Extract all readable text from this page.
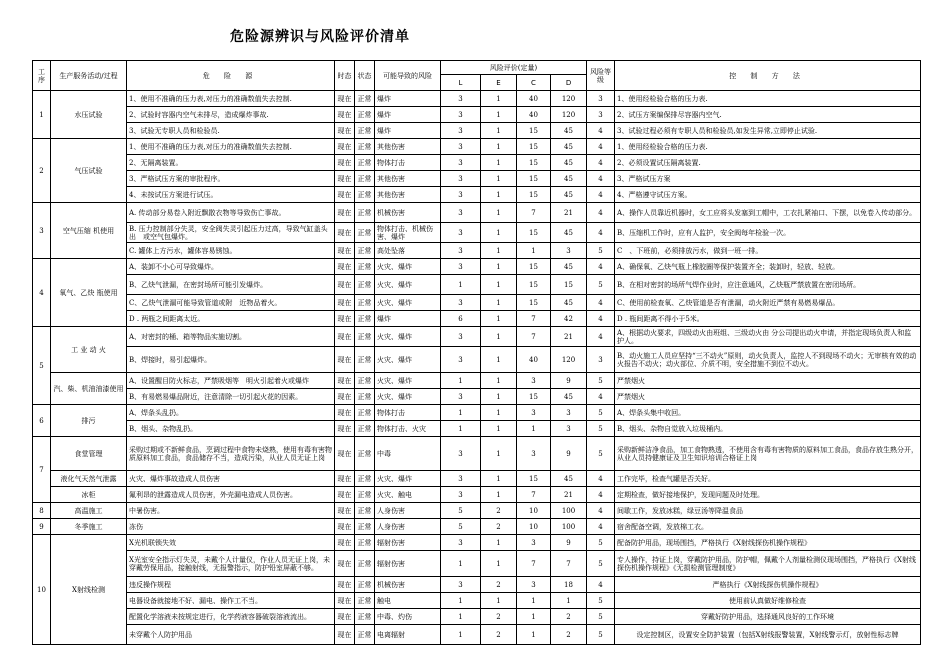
危险源辨识与风险评价清单
工序	生产服务活动/过程	危 险 源	时态	状态	可能导致的风险	风险评价(定量)				风险等级	控 制 方 法
						L	E	C	D		
1	水压试验	1、使用不准确的压力表,对压力的准确数值失去控制.	现在	正常	爆炸	3	1	40	120	3	1、使用经检验合格的压力表.
		2、试验时容器内空气未排尽，造成爆炸事故.	现在	正常	爆炸	3	1	40	120	3	2、试压方案编保排尽容器内空气.
		3、试验无专职人员和检验员.	现在	正常	爆炸	3	1	15	45	4	3、试验过程必须有专职人员和检验员,如发生异常,立即停止试验.
2	气压试验	1、使用不准确的压力表,对压力的准确数值失去控制.	现在	正常	其他伤害	3	1	15	45	4	1、使用经检验合格的压力表.
		2、无隔离装置。	现在	正常	物体打击	3	1	15	45	4	2、必须设置试压隔离装置.
		3、严格试压方案的审批程序。	现在	正常	其他伤害	3	1	15	45	4	3、严格试压方案
		4、未按试压方案进行试压。	现在	正常	其他伤害	3	1	15	45	4	4、严格遵守试压方案。
3	空气压缩 机使用	A. 传动部分易卷入附近飘散衣物等导致伤亡事故。	现在	正常	机械伤害	3	1	7	21	4	A、操作人员靠近机器时，女工应将头发塞到工帽中，工衣扎紧袖口、下摆，以免卷入传动部分。
		B. 压力控制部分失灵，安全阀失灵引起压力过高，导致气缸盖头出　或空气包爆炸。	现在	正常	物体打击、机械伤害、爆炸	3	1	15	45	4	B、压缩机工作时，应有人监护，安全阀每年检验一次。
		C. 罐体上方污水，罐体容易锈蚀。	现在	正常	高处坠落	3	1	1	3	5	C　、下班前，必须排放污水，做到一班一排。
4	氧气、乙炔 瓶使用	A、装卸不小心可导致爆炸。	现在	正常	火灾、爆炸	3	1	15	45	4	A、确保氧、乙炔气瓶上橡胶圈等保护装置齐全；装卸时，轻放、轻放。
		B、乙炔气泄漏，在密封场所可能引发爆炸。	现在	正常	火灾、爆炸	1	1	15	15	5	B、在相对密封的场所气焊作业时，应注意通风，乙炔瓶严禁放置在密闭场所。
		C、乙炔气泄漏可能导致管道或附　近物品着火。	现在	正常	火灾、爆炸	3	1	15	45	4	C、使用前检查氧、乙炔管道是否有泄漏，动火附近严禁有易燃易爆品。
		D . 两瓶之间距离太近。	现在	正常	爆炸	6	1	7	42	4	D . 瓶间距离不得小于5米。
5	工 业 动 火	A、对密封的桶、箱等物品实施切割。	现在	正常	火灾、爆炸	3	1	7	21	4	A、根据动火要求，四级动火由班组、三级动火由 分公司提出动火申请，并指定现场负责人和监护人。
		B、焊接时，易引起爆炸。	现在	正常	火灾、爆炸	3	1	40	120	3	B、动火施工人员应坚持“三不动火”原则，动火负责人，监控人不到现场不动火；无审核有效的动火报告不动火；动火部位、介质不明，安全措施不到位不动火。
	汽、柴、机油油漆使用	A、设置醒目防火标志，严禁吸烟等　明火引起着火或爆炸	现在	正常	火灾、爆炸	1	1	3	9	5	严禁烟火
		B、有易燃易爆品附近，注意清除一切引起火花的因素。	现在	正常	火灾、爆炸	3	1	15	45	4	严禁烟火
6	排污	A、焊条头乱扔。	现在	正常	物体打击	1	1	3	3	5	A、焊条头集中收回。
		B、烟头、杂物乱扔。	现在	正常	物体打击、火灾	1	1	1	3	5	B、烟头、杂物自觉放入垃圾桶内。
7	食堂管理	采购过期或不新鲜食品，烹调过程中食物未烧熟，使用有毒有害物质原料加工食品，食品储存不当，造成污染，从业人员无证上岗	现在	正常	中毒	3	1	3	9	5	采购新鲜洁净食品，加工食物熟透，不使用含有毒有害物质的原料加工食品，食品存放生熟分开，从业人员持健康证及卫生知识培训合格证上岗
	液化气天然气泄露	火灾、爆炸事故造成人员伤害	现在	正常	火灾、爆炸	3	1	15	45	4	工作完毕，检查气罐是否关好。
	冰柜	氟利昂的泄露造成人员伤害，外壳漏电造成人员伤害。	现在	正常	火灾、触电	3	1	7	21	4	定期检查，做好接地保护，发现问题及时处理。
8	高温施工	中暑伤害。	现在	正常	人身伤害	5	2	10	100	4	间歇工作，发放冰糕，绿豆汤等降温食品
9	冬季施工	冻伤	现在	正常	人身伤害	5	2	10	100	4	宿舍配备空调，发放棉工衣。
10	X射线检测	X光机联锁失效	现在	正常	辐射伤害	3	1	3	9	5	配备防护用品，现场围挡，严格执行《X射线探伤机操作规程》
		X光室安全指示灯失灵，未戴个人计量仪，作业人员无证上岗，未穿戴劳保用品，接触射线，无报警指示，防护铅室屏蔽不够。	现在	正常	辐射伤害	1	1	7	7	5	专人操作，持证上岗，穿戴防护用品，防护帽，佩戴个人剂量检测仪现场围挡，严格执行《X射线探伤机操作规程》《无损检测管理制度》
		违反操作规程	现在	正常	机械伤害	3	2	3	18	4	严格执行《X射线探伤机操作规程》
		电器设备就接地不好、漏电、操作工不当。	现在	正常	触电	1	1	1	1	5	使用前认真做好维修检查
		配置化学溶液未按规定进行，化学药液容器破裂溶液流出。	现在	正常	中毒、灼伤	1	2	1	2	5	穿戴好防护用品，选择通风良好的工作环境
		未穿戴个人防护用品	现在	正常	电离辐射	1	2	1	2	5	设定控制区，设置安全防护装置（包括X射线报警装置，X射线警示灯，放射性标志牌
